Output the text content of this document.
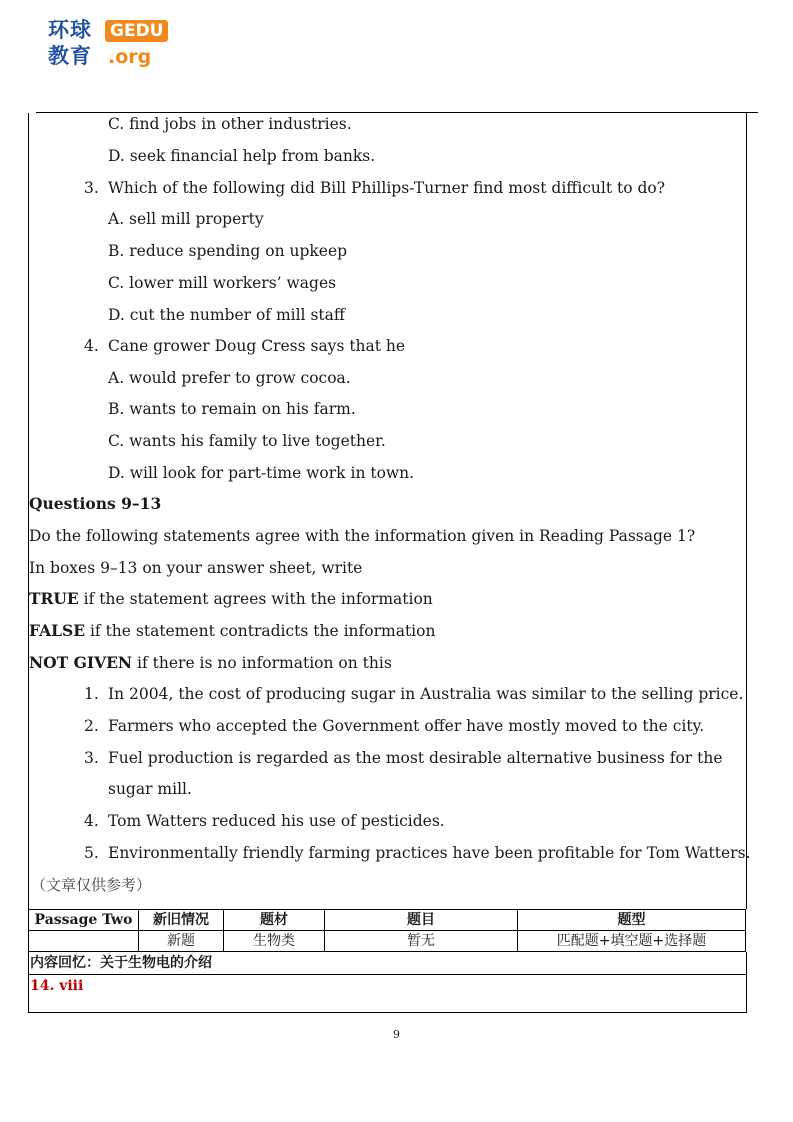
环球
教育
GEDU
.org
C. find jobs in other industries.
D. seek financial help from banks.
3. Which of the following did Bill Phillips-Turner find most difficult to do?
A. sell mill property
B. reduce spending on upkeep
C. lower mill workers’ wages
D. cut the number of mill staff
4. Cane grower Doug Cress says that he
A. would prefer to grow cocoa.
B. wants to remain on his farm.
C. wants his family to live together.
D. will look for part-time work in town.
Questions 9–13
Do the following statements agree with the information given in Reading Passage 1?
In boxes 9–13 on your answer sheet, write
TRUE if the statement agrees with the information
FALSE if the statement contradicts the information
NOT GIVEN if there is no information on this
1. In 2004, the cost of producing sugar in Australia was similar to the selling price.
2. Farmers who accepted the Government offer have mostly moved to the city.
3. Fuel production is regarded as the most desirable alternative business for the
sugar mill.
4. Tom Watters reduced his use of pesticides.
5. Environmentally friendly farming practices have been profitable for Tom Watters.
（文章仅供参考）
Passage Two	新旧情况	题材	题目	题型
	新题	生物类	暂无	匹配题+填空题+选择题
内容回忆：关于生物电的介绍
14. viii
9
